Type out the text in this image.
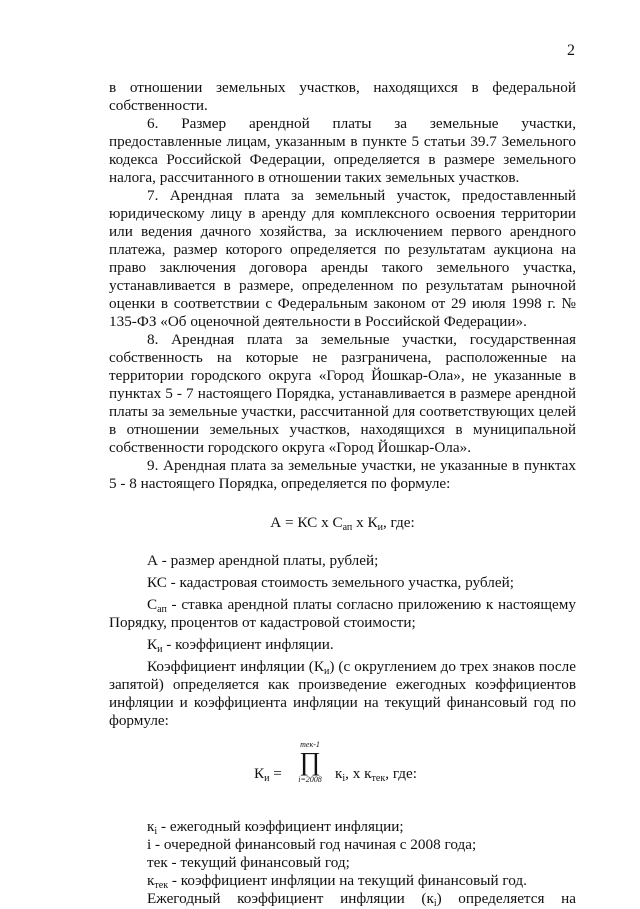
2

в отношении земельных участков, находящихся в федеральной собственности.

6. Размер арендной платы за земельные участки, предоставленные лицам, указанным в пункте 5 статьи 39.7 Земельного кодекса Российской Федерации, определяется в размере земельного налога, рассчитанного в отношении таких земельных участков.

7. Арендная плата за земельный участок, предоставленный юридическому лицу в аренду для комплексного освоения территории или ведения дачного хозяйства, за исключением первого арендного платежа, размер которого определяется по результатам аукциона на право заключения договора аренды такого земельного участка, устанавливается в размере, определенном по результатам рыночной оценки в соответствии с Федеральным законом от 29 июля 1998 г. № 135-ФЗ «Об оценочной деятельности в Российской Федерации».

8. Арендная плата за земельные участки, государственная собственность на которые не разграничена, расположенные на территории городского округа «Город Йошкар-Ола», не указанные в пунктах 5 - 7 настоящего Порядка, устанавливается в размере арендной платы за земельные участки, рассчитанной для соответствующих целей в отношении земельных участков, находящихся в муниципальной собственности городского округа «Город Йошкар-Ола».

9. Арендная плата за земельные участки, не указанные в пунктах 5 - 8 настоящего Порядка, определяется по формуле:

А = КС х $С_{ап}$ х $К_и$, где:

А - размер арендной платы, рублей;

КС - кадастровая стоимость земельного участка, рублей;

$С_{ап}$ - ставка арендной платы согласно приложению к настоящему Порядку, процентов от кадастровой стоимости;

$К_и$ - коэффициент инфляции.

Коэффициент инфляции $(К_и)$ (с округлением до трех знаков после запятой) определяется как произведение ежегодных коэффициентов инфляции и коэффициента инфляции на текущий финансовый год по формуле:

$К_и$ =
тек-1
∏
i=2008 $к_i$, х $к_{тек}$, где:

$к_i$ - ежегодный коэффициент инфляции;

i - очередной финансовый год начиная с 2008 года;

тек - текущий финансовый год;

$к_{тек}$ - коэффициент инфляции на текущий финансовый год.

Ежегодный коэффициент инфляции $(к_i)$ определяется на
